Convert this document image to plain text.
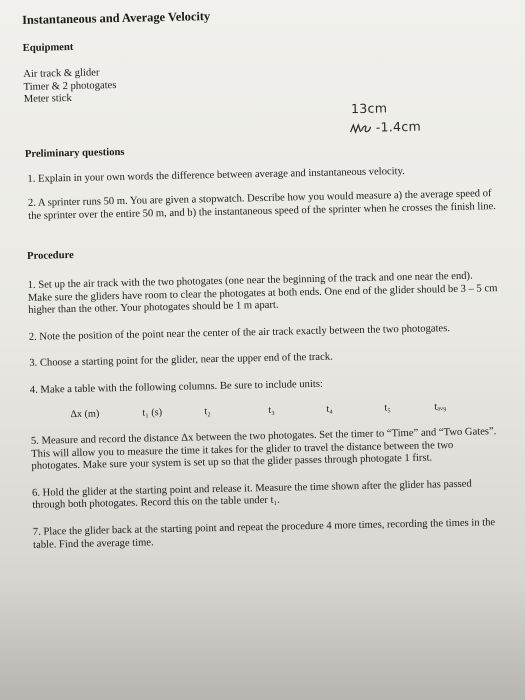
Instantaneous and Average Velocity
Equipment

Air track & glider

Timer & 2 photogates

Meter stick

13cm
-1.4cm
Preliminary questions
1. Explain in your own words the difference between average and instantaneous velocity.
2. A sprinter runs 50 m. You are given a stopwatch. Describe how you would measure a) the average speed of the sprinter over the entire 50 m, and b) the instantaneous speed of the sprinter when he crosses the finish line.
Procedure
1. Set up the air track with the two photogates (one near the beginning of the track and one near the end). Make sure the gliders have room to clear the photogates at both ends. One end of the glider should be 3 – 5 cm higher than the other. Your photogates should be 1 m apart.
2. Note the position of the point near the center of the air track exactly between the two photogates.
3. Choose a starting point for the glider, near the upper end of the track.
4. Make a table with the following columns. Be sure to include units:
Δx (m)	t₁ (s)	t₂	t₃	t₄	t₅	tₐᵥ₉
5. Measure and record the distance Δx between the two photogates. Set the timer to “Time” and “Two Gates”. This will allow you to measure the time it takes for the glider to travel the distance between the two photogates. Make sure your system is set up so that the glider passes through photogate 1 first.
6. Hold the glider at the starting point and release it. Measure the time shown after the glider has passed through both photogates. Record this on the table under t₁.
7. Place the glider back at the starting point and repeat the procedure 4 more times, recording the times in the table. Find the average time.
